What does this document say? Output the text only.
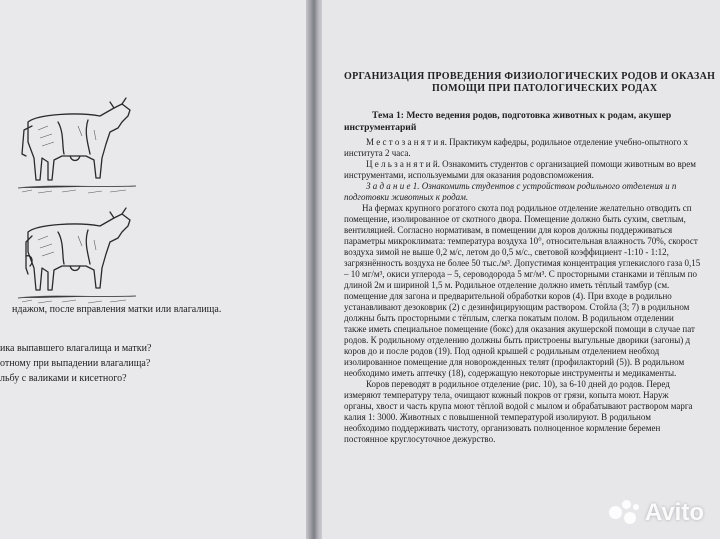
ндажом, после вправления матки или влагалища.
ика выпавшего влагалища и матки?
отному при выпадении влагалища?
льбу с валиками и кисетного?
ОРГАНИЗАЦИЯ ПРОВЕДЕНИЯ ФИЗИОЛОГИЧЕСКИХ РОДОВ И ОКАЗАН
ПОМОЩИ ПРИ ПАТОЛОГИЧЕСКИХ РОДАХ
Тема 1: Место ведения родов, подготовка животных к родам, акушер
инструментарий
М е с т о з а н я т и я. Практикум кафедры, родильное отделение учебно-опытного х
института 2 часа.
Ц е л ь з а н я т и й. Ознакомить студентов с организацией помощи животным во врем
инструментами, используемыми для оказания родовспоможения.
З а д а н и е 1. Ознакомить студентов с устройством родильного отделения и п
подготовки животных к родам.
На фермах крупного рогатого скота под родильное отделение желательно отводить сп
помещение, изолированное от скотного двора. Помещение должно быть сухим, светлым,
вентиляцией. Согласно нормативам, в помещении для коров должны поддерживаться
параметры микроклимата: температура воздуха 10°, относительная влажность 70%, скорост
воздуха зимой не выше 0,2 м/с, летом до 0,5 м/с., световой коэффициент -1:10 - 1:12,
загрязнённость воздуха не более 50 тыс./м³. Допустимая концентрация углекислого газа 0,15
– 10 мг/м³, окиси углерода – 5, сероводорода 5 мг/м³. С просторными станками и тёплым по
длиной 2м и шириной 1,5 м. Родильное отделение должно иметь тёплый тамбур (см.
помещение для загона и предварительной обработки коров (4). При входе в родильно
устанавливают дезоковрик (2) с дезинфицирующим раствором. Стойла (3; 7) в родильном
должны быть просторными с тёплым, слегка покатым полом. В родильном отделении
также иметь специальное помещение (бокс) для оказания акушерской помощи в случае пат
родов. К родильному отделению должны быть пристроены выгульные дворики (загоны) д
коров до и после родов (19). Под одной крышей с родильным отделением необход
изолированное помещение для новорожденных телят (профилакторий (5)). В родильном
необходимо иметь аптечку (18), содержащую некоторые инструменты и медикаменты.
Коров переводят в родильное отделение (рис. 10), за 6-10 дней до родов. Перед
измеряют температуру тела, очищают кожный покров от грязи, копыта моют. Наруж
органы, хвост и часть крупа моют тёплой водой с мылом и обрабатывают раствором марга
калия 1: 3000. Животных с повышенной температурой изолируют. В родильном
необходимо поддерживать чистоту, организовать полноценное кормление беремен
постоянное круглосуточное дежурство.
Avito
